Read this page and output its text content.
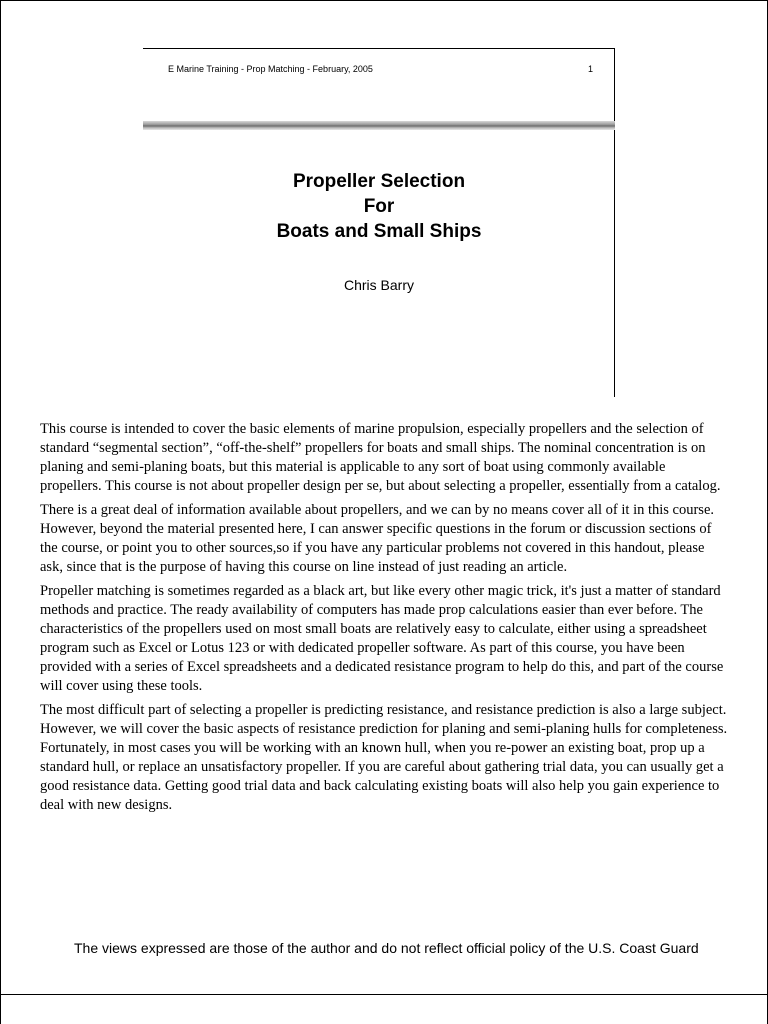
E Marine Training - Prop Matching - February, 2005	1
Propeller Selection
For
Boats and Small Ships
Chris Barry

This course is intended to cover the basic elements of marine propulsion, especially propellers and the selection of standard “segmental section”, “off-the-shelf” propellers for boats and small ships. The nominal concentration is on planing and semi-planing boats, but this material is applicable to any sort of boat using commonly available propellers. This course is not about propeller design per se, but about selecting a propeller, essentially from a catalog.

There is a great deal of information available about propellers, and we can by no means cover all of it in this course. However, beyond the material presented here, I can answer specific questions in the forum or discussion sections of the course, or point you to other sources,so if you have any particular problems not covered in this handout, please ask, since that is the purpose of having this course on line instead of just reading an article.

Propeller matching is sometimes regarded as a black art, but like every other magic trick, it's just a matter of standard methods and practice. The ready availability of computers has made prop calculations easier than ever before. The characteristics of the propellers used on most small boats are relatively easy to calculate, either using a spreadsheet program such as Excel or Lotus 123 or with dedicated propeller software. As part of this course, you have been provided with a series of Excel spreadsheets and a dedicated resistance program to help do this, and part of the course will cover using these tools.

The most difficult part of selecting a propeller is predicting resistance, and resistance prediction is also a large subject. However, we will cover the basic aspects of resistance prediction for planing and semi-planing hulls for completeness. Fortunately, in most cases you will be working with an known hull, when you re-power an existing boat, prop up a standard hull, or replace an unsatisfactory propeller. If you are careful about gathering trial data, you can usually get a good resistance data. Getting good trial data and back calculating existing boats will also help you gain experience to deal with new designs.

The views expressed are those of the author and do not reflect official policy of the U.S. Coast Guard
